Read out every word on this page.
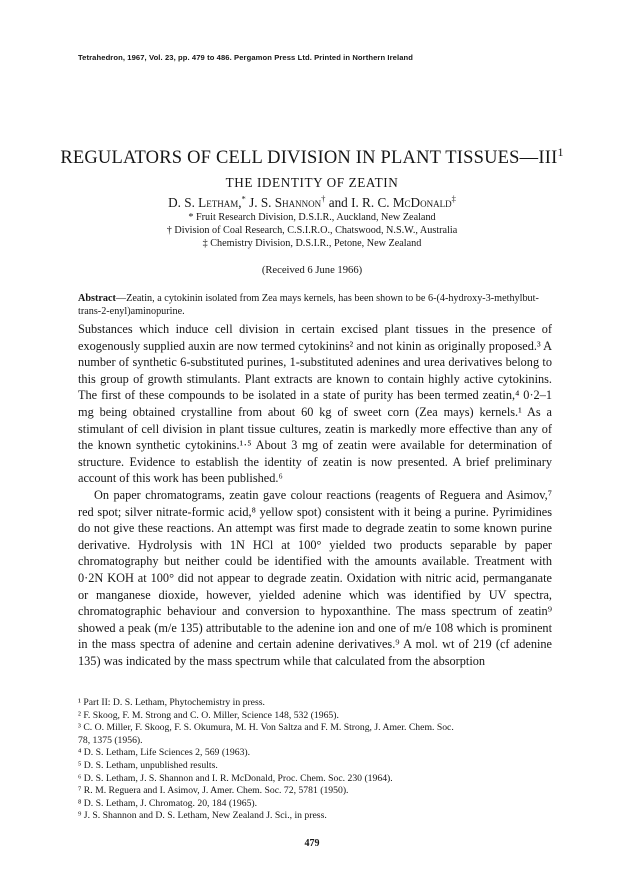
Tetrahedron, 1967, Vol. 23, pp. 479 to 486. Pergamon Press Ltd. Printed in Northern Ireland
REGULATORS OF CELL DIVISION IN PLANT TISSUES—III$^1$
THE IDENTITY OF ZEATIN
D. S. Letham,* J. S. Shannon† and I. R. C. McDonald‡
* Fruit Research Division, D.S.I.R., Auckland, New Zealand
† Division of Coal Research, C.S.I.R.O., Chatswood, N.S.W., Australia
‡ Chemistry Division, D.S.I.R., Petone, New Zealand
(Received 6 June 1966)
Abstract—Zeatin, a cytokinin isolated from Zea mays kernels, has been shown to be 6-(4-hydroxy-3-methylbut-trans-2-enyl)aminopurine.

Substances which induce cell division in certain excised plant tissues in the presence of exogenously supplied auxin are now termed cytokinins² and not kinin as originally proposed.³ A number of synthetic 6-substituted purines, 1-substituted adenines and urea derivatives belong to this group of growth stimulants. Plant extracts are known to contain highly active cytokinins. The first of these compounds to be isolated in a state of purity has been termed zeatin,⁴ 0·2–1 mg being obtained crystalline from about 60 kg of sweet corn (Zea mays) kernels.¹ As a stimulant of cell division in plant tissue cultures, zeatin is markedly more effective than any of the known synthetic cytokinins.¹·⁵ About 3 mg of zeatin were available for determination of structure. Evidence to establish the identity of zeatin is now presented. A brief preliminary account of this work has been published.⁶

On paper chromatograms, zeatin gave colour reactions (reagents of Reguera and Asimov,⁷ red spot; silver nitrate-formic acid,⁸ yellow spot) consistent with it being a purine. Pyrimidines do not give these reactions. An attempt was first made to degrade zeatin to some known purine derivative. Hydrolysis with 1N HCl at 100° yielded two products separable by paper chromatography but neither could be identified with the amounts available. Treatment with 0·2N KOH at 100° did not appear to degrade zeatin. Oxidation with nitric acid, permanganate or manganese dioxide, however, yielded adenine which was identified by UV spectra, chromatographic behaviour and conversion to hypoxanthine. The mass spectrum of zeatin⁹ showed a peak (m/e 135) attributable to the adenine ion and one of m/e 108 which is prominent in the mass spectra of adenine and certain adenine derivatives.⁹ A mol. wt of 219 (cf adenine 135) was indicated by the mass spectrum while that calculated from the absorption

¹ Part II: D. S. Letham, Phytochemistry in press.
² F. Skoog, F. M. Strong and C. O. Miller, Science 148, 532 (1965).
³ C. O. Miller, F. Skoog, F. S. Okumura, M. H. Von Saltza and F. M. Strong, J. Amer. Chem. Soc.
78, 1375 (1956).
⁴ D. S. Letham, Life Sciences 2, 569 (1963).
⁵ D. S. Letham, unpublished results.
⁶ D. S. Letham, J. S. Shannon and I. R. McDonald, Proc. Chem. Soc. 230 (1964).
⁷ R. M. Reguera and I. Asimov, J. Amer. Chem. Soc. 72, 5781 (1950).
⁸ D. S. Letham, J. Chromatog. 20, 184 (1965).
⁹ J. S. Shannon and D. S. Letham, New Zealand J. Sci., in press.
479
